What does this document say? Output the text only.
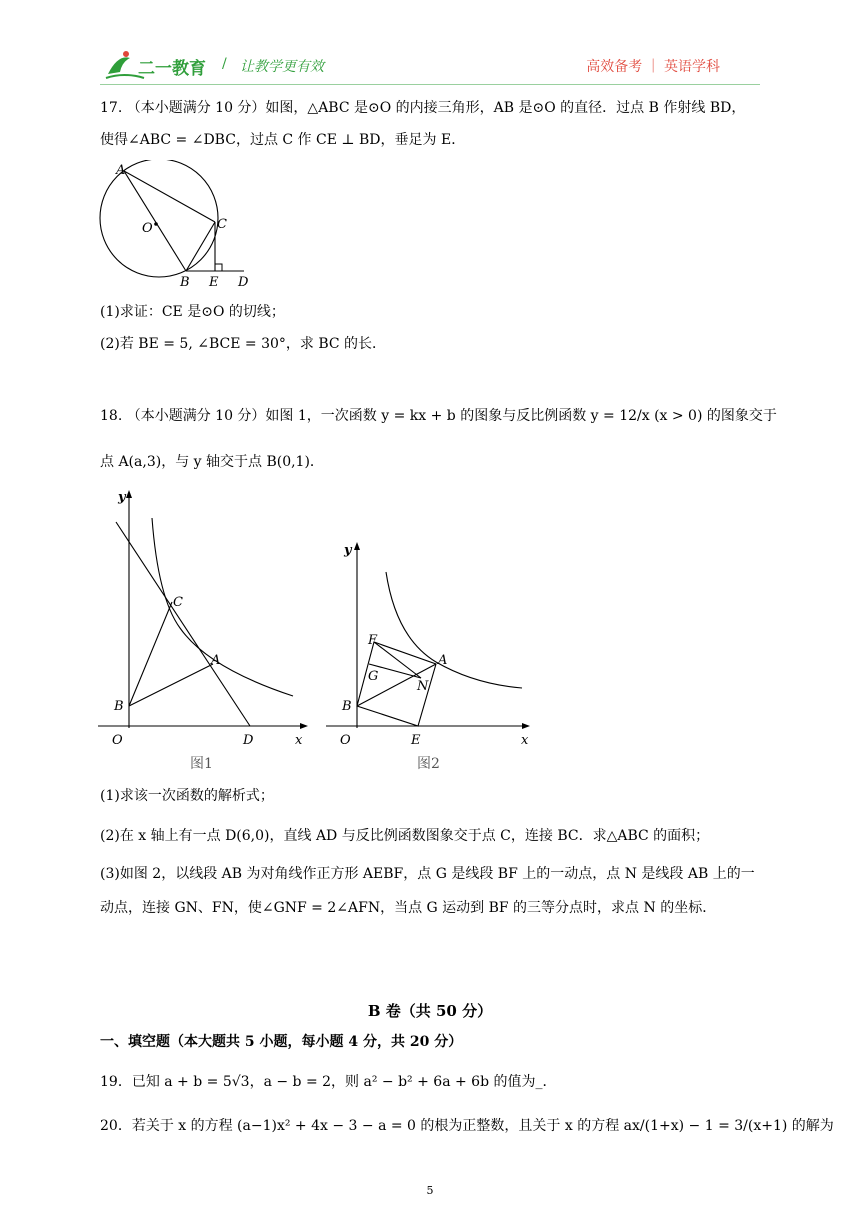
二一教育 / 让教学更有效	高效备考 ｜ 英语学科
17. （本小题满分 10 分）如图，△ABC 是⊙O 的内接三角形，AB 是⊙O 的直径．过点 B 作射线 BD，
使得∠ABC = ∠DBC，过点 C 作 CE ⊥ BD，垂足为 E．
A
O	C
B E D
(1)求证：CE 是⊙O 的切线；
(2)若 BE = 5, ∠BCE = 30°，求 BC 的长．
18. （本小题满分 10 分）如图 1，一次函数 y = kx + b 的图象与反比例函数 y = 12/x (x > 0) 的图象交于
点 A(a,3)，与 y 轴交于点 B(0,1)．
y
x
O
B
C
A
D
图1
y
x
O
B
E
F
G
N
A
图2
(1)求该一次函数的解析式；
(2)在 x 轴上有一点 D(6,0)，直线 AD 与反比例函数图象交于点 C，连接 BC．求△ABC 的面积；
(3)如图 2，以线段 AB 为对角线作正方形 AEBF，点 G 是线段 BF 上的一动点，点 N 是线段 AB 上的一
动点，连接 GN、FN，使∠GNF = 2∠AFN，当点 G 运动到 BF 的三等分点时，求点 N 的坐标．
B 卷（共 50 分）
一、填空题（本大题共 5 小题，每小题 4 分，共 20 分）
19．已知 a + b = 5√3，a − b = 2，则 a² − b² + 6a + 6b 的值为_．
20．若关于 x 的方程 (a−1)x² + 4x − 3 − a = 0 的根为正整数，且关于 x 的方程 ax/(1+x) − 1 = 3/(x+1) 的解为
5
